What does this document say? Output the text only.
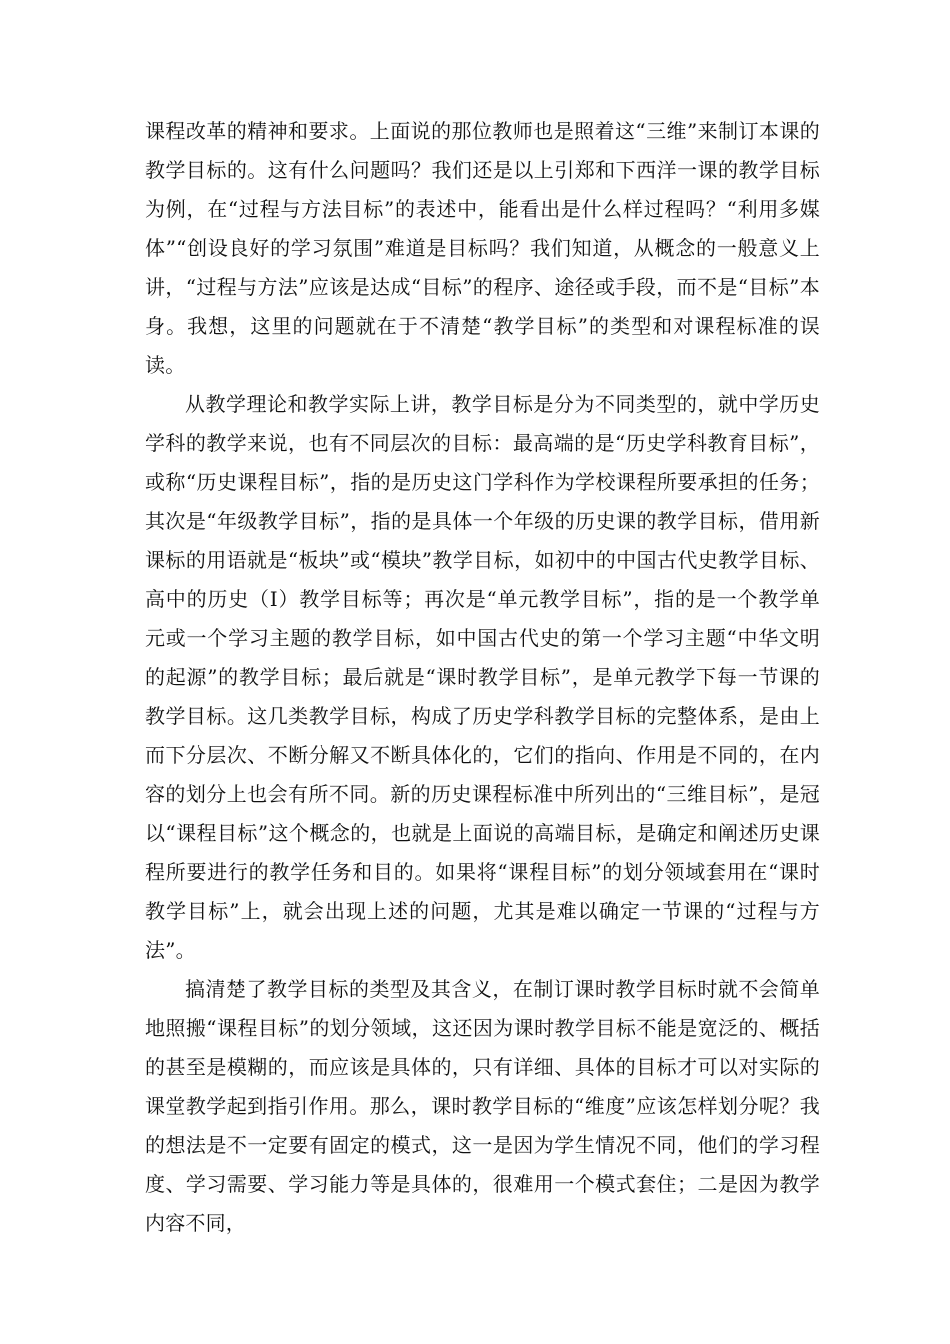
课程改革的精神和要求。上面说的那位教师也是照着这“三维”来制订本课的教学目标的。这有什么问题吗？我们还是以上引郑和下西洋一课的教学目标为例，在“过程与方法目标”的表述中，能看出是什么样过程吗？“利用多媒体”“创设良好的学习氛围”难道是目标吗？我们知道，从概念的一般意义上讲，“过程与方法”应该是达成“目标”的程序、途径或手段，而不是“目标”本身。我想，这里的问题就在于不清楚“教学目标”的类型和对课程标准的误读。

从教学理论和教学实际上讲，教学目标是分为不同类型的，就中学历史学科的教学来说，也有不同层次的目标：最高端的是“历史学科教育目标”，或称“历史课程目标”，指的是历史这门学科作为学校课程所要承担的任务；其次是“年级教学目标”，指的是具体一个年级的历史课的教学目标，借用新课标的用语就是“板块”或“模块”教学目标，如初中的中国古代史教学目标、高中的历史（Ⅰ）教学目标等；再次是“单元教学目标”，指的是一个教学单元或一个学习主题的教学目标，如中国古代史的第一个学习主题“中华文明的起源”的教学目标；最后就是“课时教学目标”，是单元教学下每一节课的教学目标。这几类教学目标，构成了历史学科教学目标的完整体系，是由上而下分层次、不断分解又不断具体化的，它们的指向、作用是不同的，在内容的划分上也会有所不同。新的历史课程标准中所列出的“三维目标”，是冠以“课程目标”这个概念的，也就是上面说的高端目标，是确定和阐述历史课程所要进行的教学任务和目的。如果将“课程目标”的划分领域套用在“课时教学目标”上，就会出现上述的问题，尤其是难以确定一节课的“过程与方法”。

搞清楚了教学目标的类型及其含义，在制订课时教学目标时就不会简单地照搬“课程目标”的划分领域，这还因为课时教学目标不能是宽泛的、概括的甚至是模糊的，而应该是具体的，只有详细、具体的目标才可以对实际的课堂教学起到指引作用。那么，课时教学目标的“维度”应该怎样划分呢？我的想法是不一定要有固定的模式，这一是因为学生情况不同，他们的学习程度、学习需要、学习能力等是具体的，很难用一个模式套住；二是因为教学内容不同，
